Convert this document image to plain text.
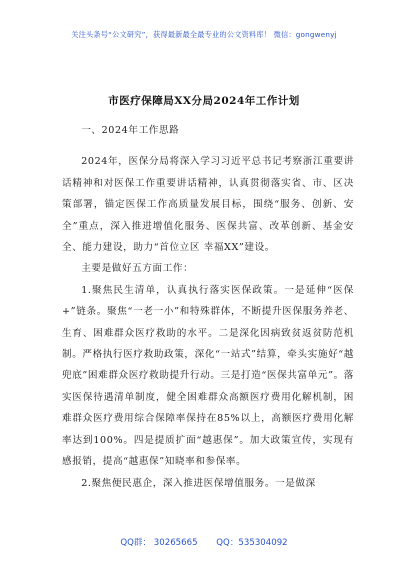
关注头条号“公文研究”，获得最新最全最专业的公文资料库！ 微信：gongwenyj
市医疗保障局XX分局2024年工作计划

一、2024年工作思路

2024年，医保分局将深入学习习近平总书记考察浙江重要讲话精神和对医保工作重要讲话精神，认真贯彻落实省、市、区决策部署，锚定医保工作高质量发展目标，围绕“服务、创新、安全”重点，深入推进增值化服务、医保共富、改革创新、基金安全、能力建设，助力“首位立区 幸福XX”建设。

主要是做好五方面工作：

1.聚焦民生清单，认真执行落实医保政策。一是延伸“医保+”链条。聚焦“一老一小”和特殊群体，不断提升医保服务养老、生育、困难群众医疗救助的水平。二是深化因病致贫返贫防范机制。严格执行医疗救助政策，深化“一站式”结算，牵头实施好“越兜底”困难群众医疗救助提升行动。三是打造“医保共富单元”。落实医保待遇清单制度，健全困难群众高额医疗费用化解机制，困难群众医疗费用综合保障率保持在85%以上，高额医疗费用化解率达到100%。四是提质扩面“越惠保”。加大政策宣传，实现有感报销，提高“越惠保”知晓率和参保率。

2.聚焦便民惠企，深入推进医保增值服务。一是做深

QQ群： 30265665 QQ：535304092
